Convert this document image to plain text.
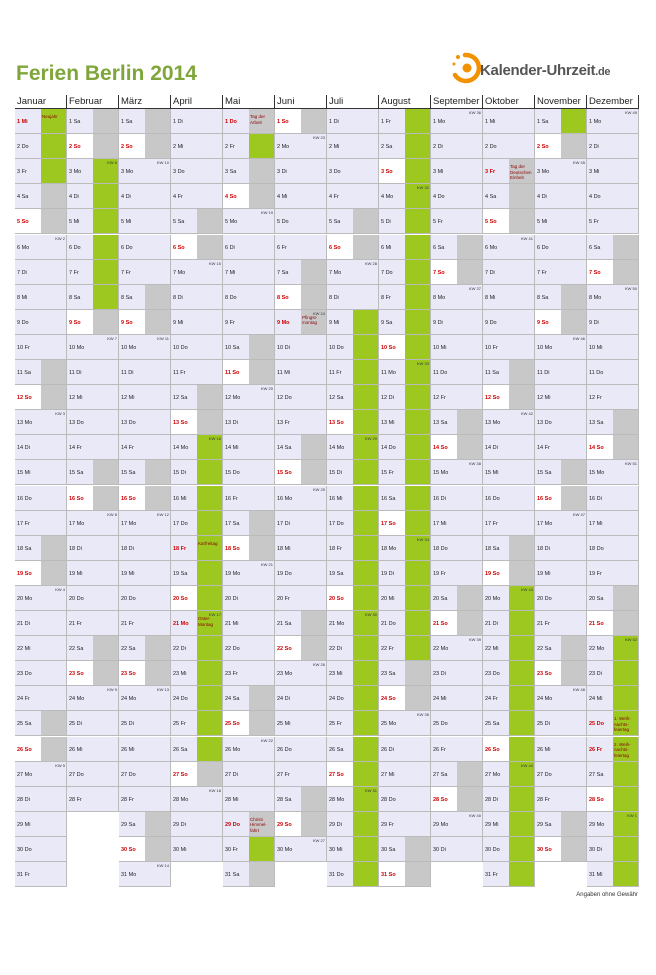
Ferien Berlin 2014	Kalender-Uhrzeit.de
Januar
1 Mi
Neujahr
2 Do
3 Fr
4 Sa
5 So
6 Mo
KW 2
7 Di
8 Mi
9 Do
10 Fr
11 Sa
12 So
13 Mo
KW 3
14 Di
15 Mi
16 Do
17 Fr
18 Sa
19 So
20 Mo
KW 4
21 Di
22 Mi
23 Do
24 Fr
25 Sa
26 So
27 Mo
KW 5
28 Di
29 Mi
30 Do
31 Fr
Februar
1 Sa
2 So
3 Mo
KW 6
4 Di
5 Mi
6 Do
7 Fr
8 Sa
9 So
10 Mo
KW 7
11 Di
12 Mi
13 Do
14 Fr
15 Sa
16 So
17 Mo
KW 8
18 Di
19 Mi
20 Do
21 Fr
22 Sa
23 So
24 Mo
KW 9
25 Di
26 Mi
27 Do
28 Fr
März
1 Sa
2 So
3 Mo
KW 10
4 Di
5 Mi
6 Do
7 Fr
8 Sa
9 So
10 Mo
KW 11
11 Di
12 Mi
13 Do
14 Fr
15 Sa
16 So
17 Mo
KW 12
18 Di
19 Mi
20 Do
21 Fr
22 Sa
23 So
24 Mo
KW 13
25 Di
26 Mi
27 Do
28 Fr
29 Sa
30 So
31 Mo
KW 14
April
1 Di
2 Mi
3 Do
4 Fr
5 Sa
6 So
7 Mo
KW 15
8 Di
9 Mi
10 Do
11 Fr
12 Sa
13 So
14 Mo
KW 16
15 Di
16 Mi
17 Do
18 Fr
Karfreitag
19 Sa
20 So
21 Mo
Oster-
Montag
KW 17
22 Di
23 Mi
24 Do
25 Fr
26 Sa
27 So
28 Mo
KW 18
29 Di
30 Mi
Mai
1 Do
Tag der
Arbeit
2 Fr
3 Sa
4 So
5 Mo
KW 19
6 Di
7 Mi
8 Do
9 Fr
10 Sa
11 So
12 Mo
KW 20
13 Di
14 Mi
15 Do
16 Fr
17 Sa
18 So
19 Mo
KW 21
20 Di
21 Mi
22 Do
23 Fr
24 Sa
25 So
26 Mo
KW 22
27 Di
28 Mi
29 Do
Christi
Himmel-
fahrt
30 Fr
31 Sa
Juni
1 So
2 Mo
KW 23
3 Di
4 Mi
5 Do
6 Fr
7 Sa
8 So
9 Mo
Pfingst-
montag
KW 24
10 Di
11 Mi
12 Do
13 Fr
14 Sa
15 So
16 Mo
KW 25
17 Di
18 Mi
19 Do
20 Fr
21 Sa
22 So
23 Mo
KW 26
24 Di
25 Mi
26 Do
27 Fr
28 Sa
29 So
30 Mo
KW 27
Juli
1 Di
2 Mi
3 Do
4 Fr
5 Sa
6 So
7 Mo
KW 28
8 Di
9 Mi
10 Do
11 Fr
12 Sa
13 So
14 Mo
KW 29
15 Di
16 Mi
17 Do
18 Fr
19 Sa
20 So
21 Mo
KW 30
22 Di
23 Mi
24 Do
25 Fr
26 Sa
27 So
28 Mo
KW 31
29 Di
30 Mi
31 Do
August
1 Fr
2 Sa
3 So
4 Mo
KW 32
5 Di
6 Mi
7 Do
8 Fr
9 Sa
10 So
11 Mo
KW 33
12 Di
13 Mi
14 Do
15 Fr
16 Sa
17 So
18 Mo
KW 34
19 Di
20 Mi
21 Do
22 Fr
23 Sa
24 So
25 Mo
KW 35
26 Di
27 Mi
28 Do
29 Fr
30 Sa
31 So
September
1 Mo
KW 36
2 Di
3 Mi
4 Do
5 Fr
6 Sa
7 So
8 Mo
KW 37
9 Di
10 Mi
11 Do
12 Fr
13 Sa
14 So
15 Mo
KW 38
16 Di
17 Mi
18 Do
19 Fr
20 Sa
21 So
22 Mo
KW 39
23 Di
24 Mi
25 Do
26 Fr
27 Sa
28 So
29 Mo
KW 40
30 Di
Oktober
1 Mi
2 Do
3 Fr
Tag der
Deutschen
Einheit
4 Sa
5 So
6 Mo
KW 41
7 Di
8 Mi
9 Do
10 Fr
11 Sa
12 So
13 Mo
KW 42
14 Di
15 Mi
16 Do
17 Fr
18 Sa
19 So
20 Mo
KW 43
21 Di
22 Mi
23 Do
24 Fr
25 Sa
26 So
27 Mo
KW 44
28 Di
29 Mi
30 Do
31 Fr
November
1 Sa
2 So
3 Mo
KW 45
4 Di
5 Mi
6 Do
7 Fr
8 Sa
9 So
10 Mo
KW 46
11 Di
12 Mi
13 Do
14 Fr
15 Sa
16 So
17 Mo
KW 47
18 Di
19 Mi
20 Do
21 Fr
22 Sa
23 So
24 Mo
KW 48
25 Di
26 Mi
27 Do
28 Fr
29 Sa
30 So
Dezember
1 Mo
KW 49
2 Di
3 Mi
4 Do
5 Fr
6 Sa
7 So
8 Mo
KW 50
9 Di
10 Mi
11 Do
12 Fr
13 Sa
14 So
15 Mo
KW 51
16 Di
17 Mi
18 Do
19 Fr
20 Sa
21 So
22 Mo
KW 52
23 Di
24 Mi
25 Do
1. Weih-
nachts-
feiertag
26 Fr
2. Weih-
nachts-
feiertag
27 Sa
28 So
29 Mo
KW 1
30 Di
31 Mi
Angaben ohne Gewähr
